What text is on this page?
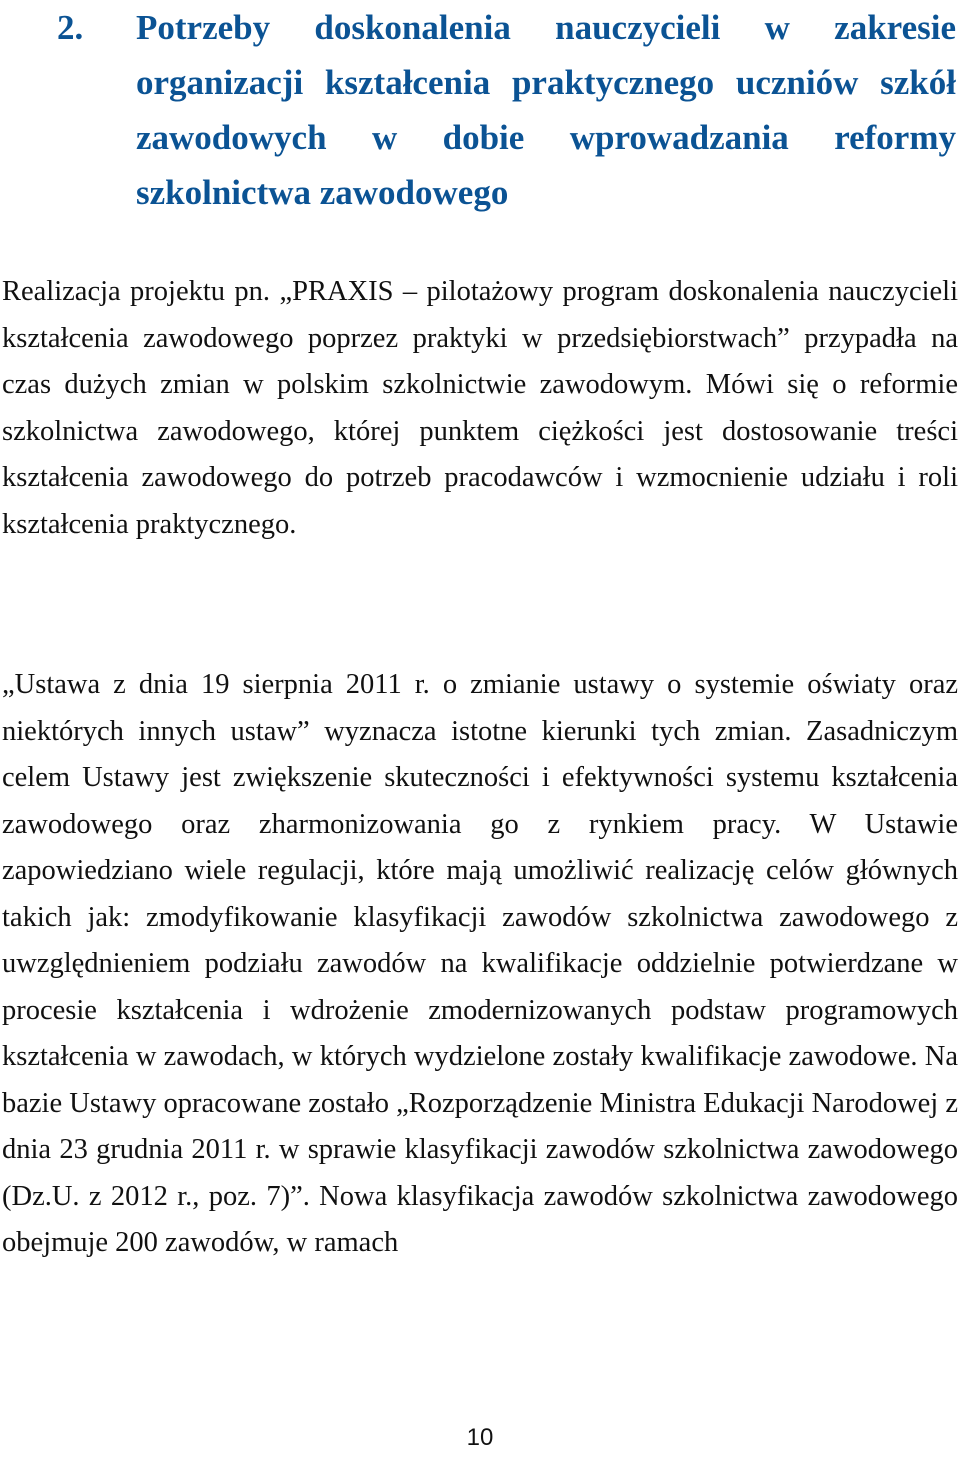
2.	Potrzeby doskonalenia nauczycieli w zakresie organizacji kształcenia praktycznego uczniów szkół zawodowych w dobie wprowadzania reformy szkolnictwa zawodowego

Realizacja projektu pn. „PRAXIS – pilotażowy program doskonalenia nauczycieli kształcenia zawodowego poprzez praktyki w przedsiębiorstwach” przypadła na czas dużych zmian w polskim szkolnictwie zawodowym. Mówi się o reformie szkolnictwa zawodowego, której punktem ciężkości jest dostosowanie treści kształcenia zawodowego do potrzeb pracodawców i wzmocnienie udziału i roli kształcenia praktycznego.

„Ustawa z dnia 19 sierpnia 2011 r. o zmianie ustawy o systemie oświaty oraz niektórych innych ustaw” wyznacza istotne kierunki tych zmian. Zasadniczym celem Ustawy jest zwiększenie skuteczności i efektywności systemu kształcenia zawodowego oraz zharmonizowania go z rynkiem pracy. W Ustawie zapowiedziano wiele regulacji, które mają umożliwić realizację celów głównych takich jak: zmodyfikowanie klasyfikacji zawodów szkolnictwa zawodowego z uwzględnieniem podziału zawodów na kwalifikacje oddzielnie potwierdzane w procesie kształcenia i wdrożenie zmodernizowanych podstaw programowych kształcenia w zawodach, w których wydzielone zostały kwalifikacje zawodowe. Na bazie Ustawy opracowane zostało „Rozporządzenie Ministra Edukacji Narodowej z dnia 23 grudnia 2011 r. w sprawie klasyfikacji zawodów szkolnictwa zawodowego (Dz.U. z 2012 r., poz. 7)”. Nowa klasyfikacja zawodów szkolnictwa zawodowego obejmuje 200 zawodów, w ramach

10
